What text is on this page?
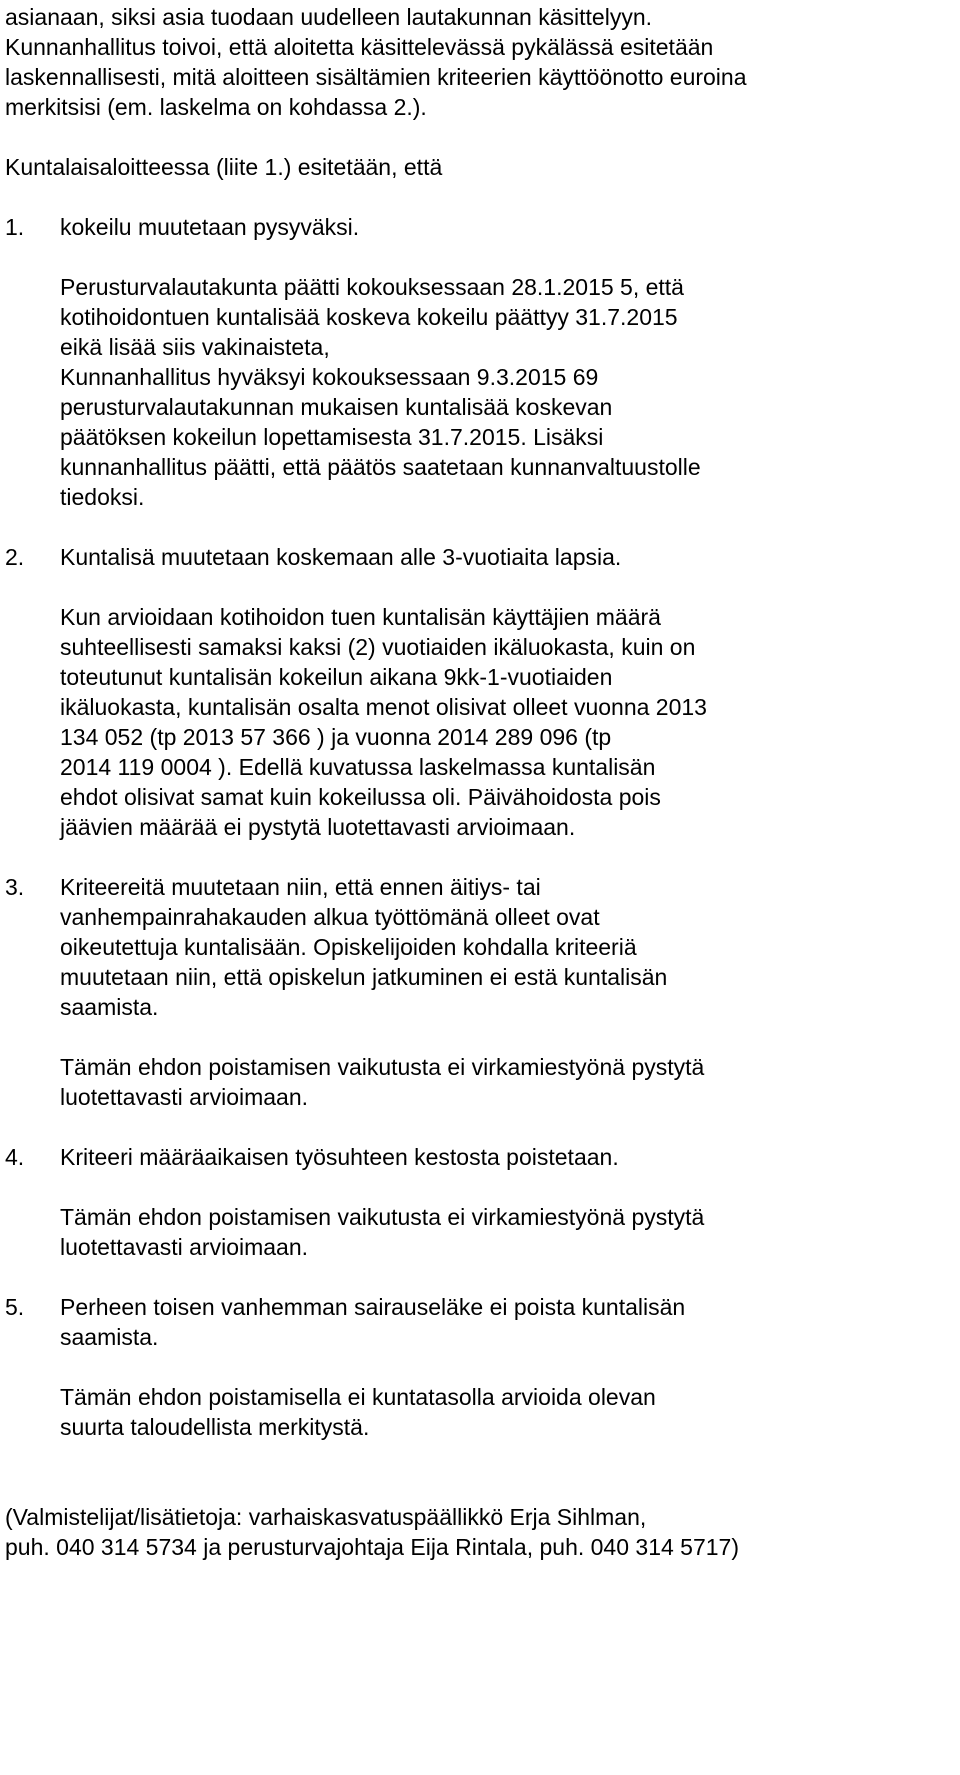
asianaan, siksi asia tuodaan uudelleen lautakunnan käsittelyyn.
Kunnanhallitus toivoi, että aloitetta käsittelevässä pykälässä esitetään
laskennallisesti, mitä aloitteen sisältämien kriteerien käyttöönotto euroina
merkitsisi (em. laskelma on kohdassa 2.).
Kuntalaisaloitteessa (liite 1.) esitetään, että
1. kokeilu muutetaan pysyväksi.
Perusturvalautakunta päätti kokouksessaan 28.1.2015 5, että
kotihoidontuen kuntalisää koskeva kokeilu päättyy 31.7.2015
eikä lisää siis vakinaisteta,
Kunnanhallitus hyväksyi kokouksessaan 9.3.2015 69
perusturvalautakunnan mukaisen kuntalisää koskevan
päätöksen kokeilun lopettamisesta 31.7.2015. Lisäksi
kunnanhallitus päätti, että päätös saatetaan kunnanvaltuustolle
tiedoksi.
2. Kuntalisä muutetaan koskemaan alle 3-vuotiaita lapsia.
Kun arvioidaan kotihoidon tuen kuntalisän käyttäjien määrä
suhteellisesti samaksi kaksi (2) vuotiaiden ikäluokasta, kuin on
toteutunut kuntalisän kokeilun aikana 9kk-1-vuotiaiden
ikäluokasta, kuntalisän osalta menot olisivat olleet vuonna 2013
134 052 (tp 2013 57 366 ) ja vuonna 2014 289 096 (tp
2014 119 0004 ). Edellä kuvatussa laskelmassa kuntalisän
ehdot olisivat samat kuin kokeilussa oli. Päivähoidosta pois
jäävien määrää ei pystytä luotettavasti arvioimaan.
3. Kriteereitä muutetaan niin, että ennen äitiys- tai
vanhempainrahakauden alkua työttömänä olleet ovat
oikeutettuja kuntalisään. Opiskelijoiden kohdalla kriteeriä
muutetaan niin, että opiskelun jatkuminen ei estä kuntalisän
saamista.
Tämän ehdon poistamisen vaikutusta ei virkamiestyönä pystytä
luotettavasti arvioimaan.
4. Kriteeri määräaikaisen työsuhteen kestosta poistetaan.
Tämän ehdon poistamisen vaikutusta ei virkamiestyönä pystytä
luotettavasti arvioimaan.
5. Perheen toisen vanhemman sairauseläke ei poista kuntalisän
saamista.
Tämän ehdon poistamisella ei kuntatasolla arvioida olevan
suurta taloudellista merkitystä.
(Valmistelijat/lisätietoja: varhaiskasvatuspäällikkö Erja Sihlman,
puh. 040 314 5734 ja perusturvajohtaja Eija Rintala, puh. 040 314 5717)
